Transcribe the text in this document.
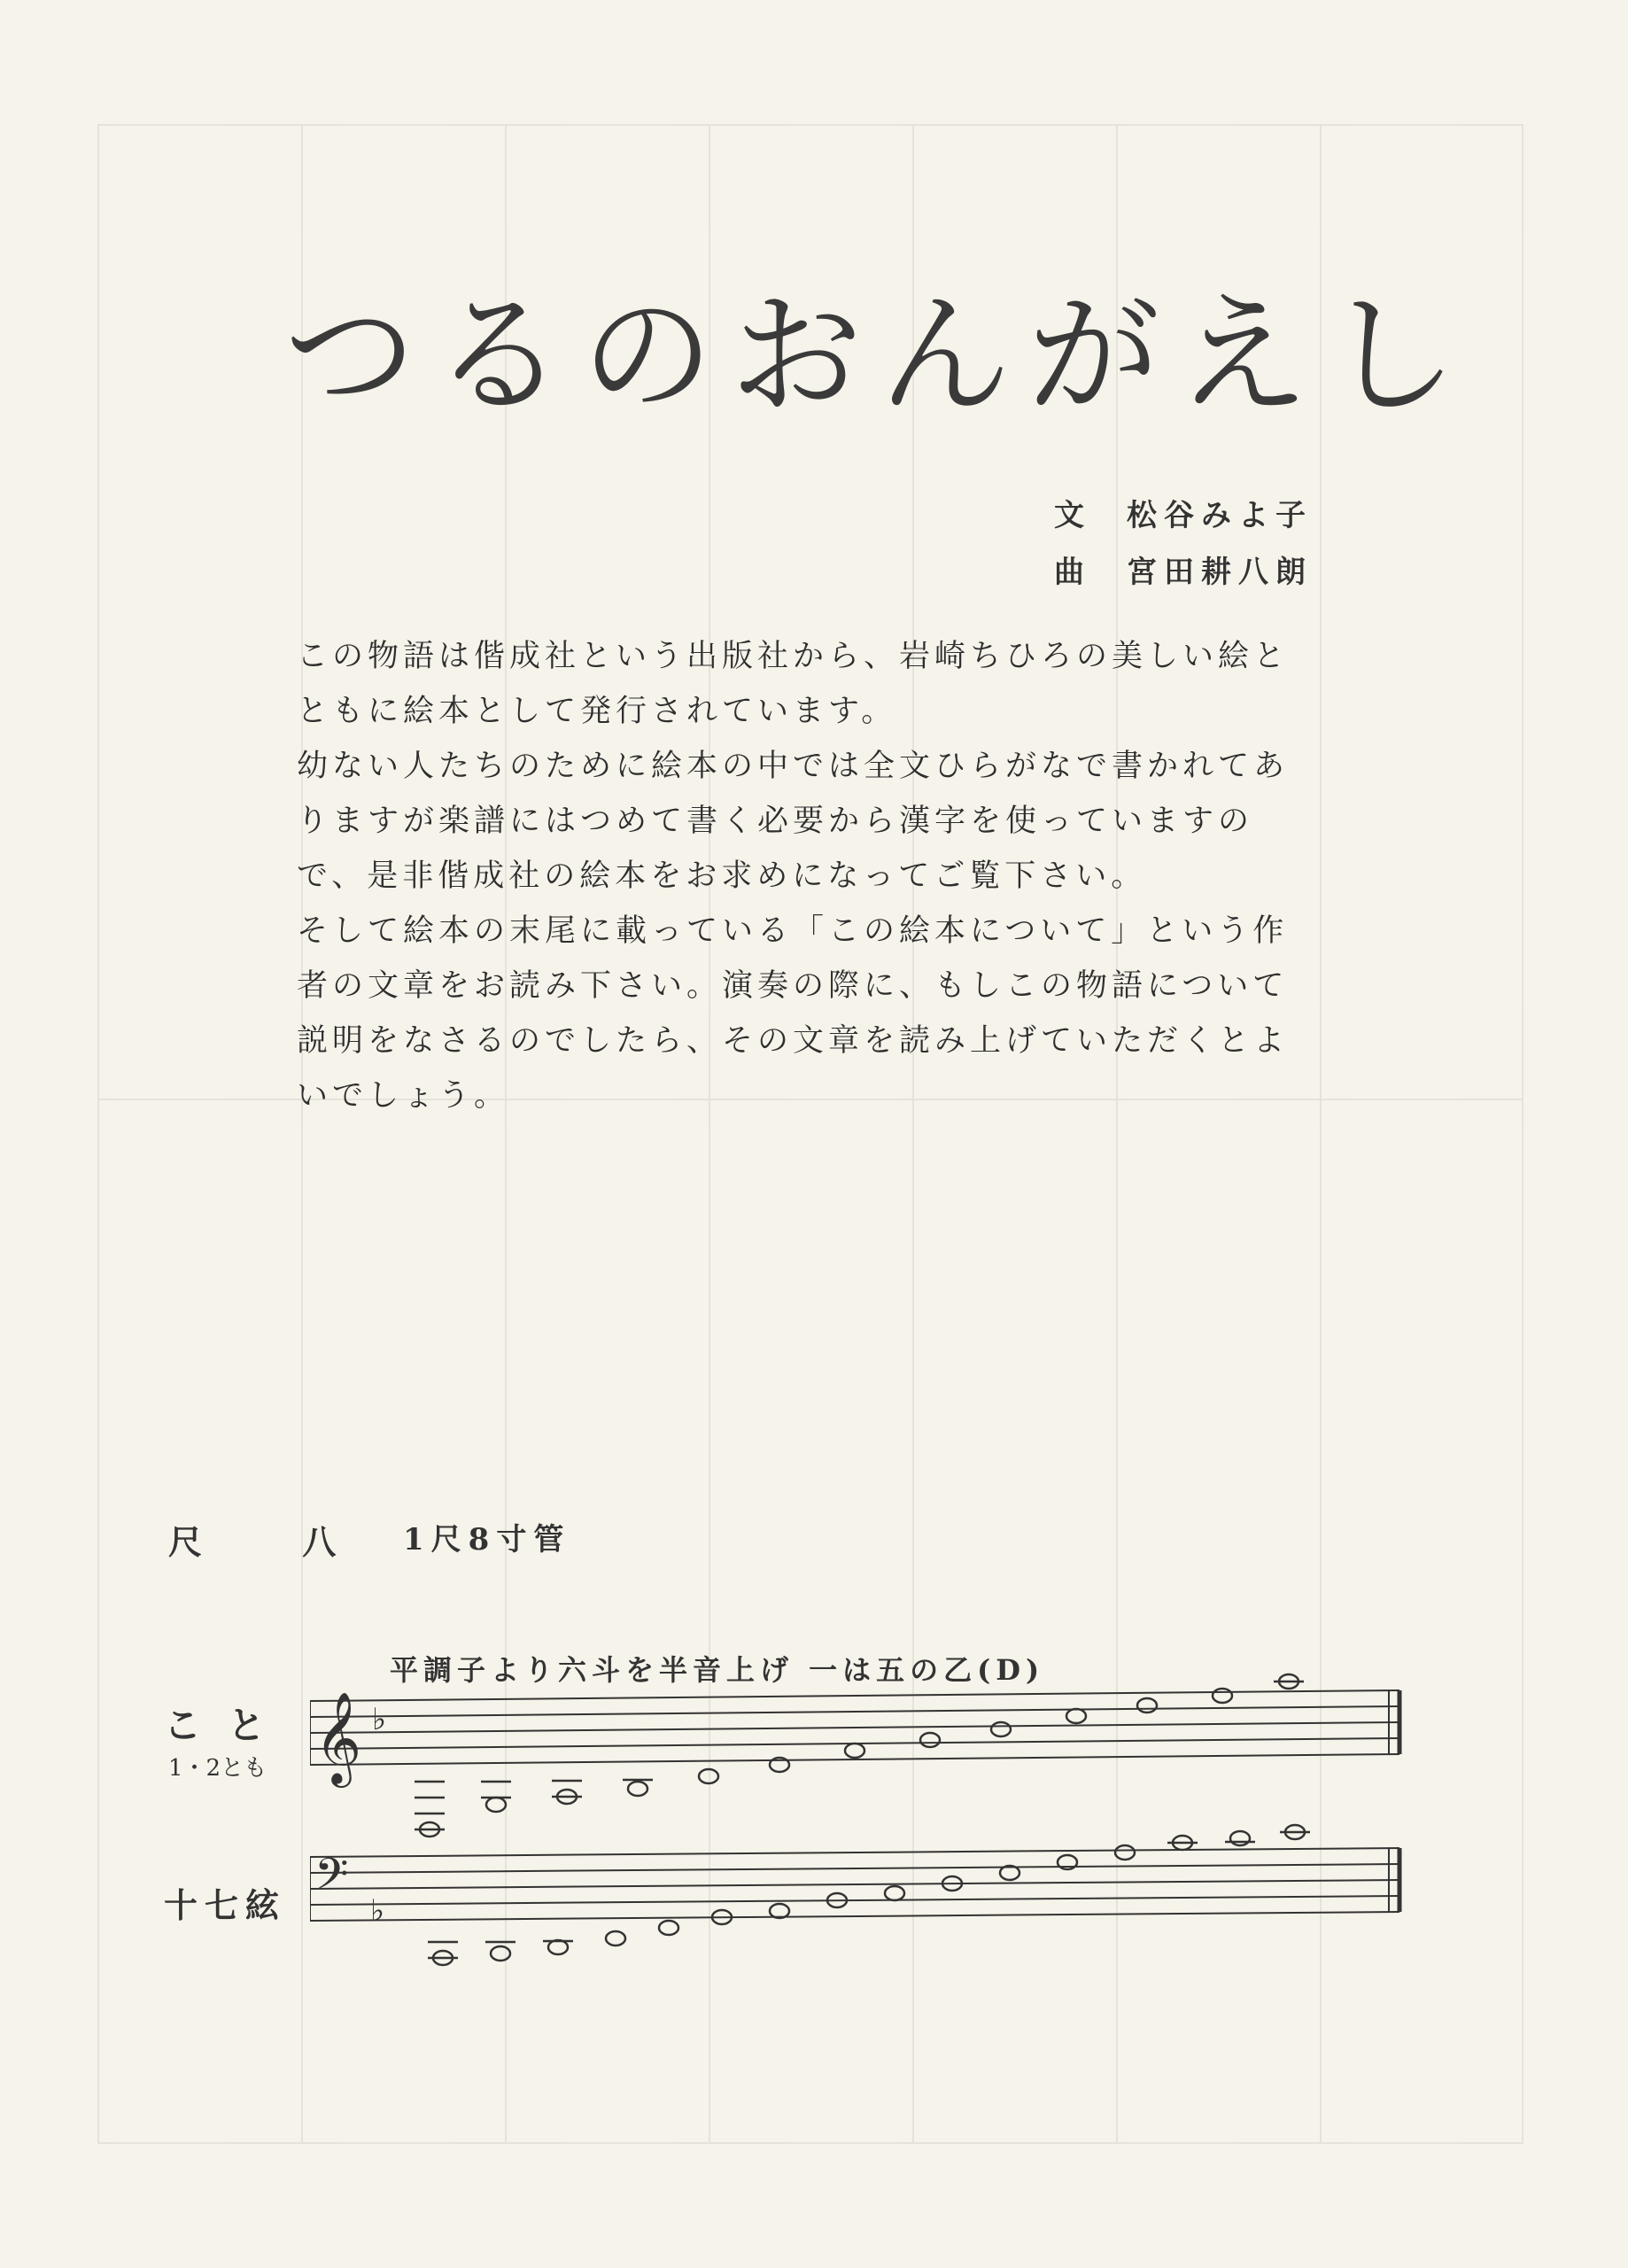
つるのおんがえし
文 松谷みよ子
曲 宮田耕八朗

この物語は偕成社という出版社から、岩崎ちひろの美しい絵とともに絵本として発行されています。

幼ない人たちのために絵本の中では全文ひらがなで書かれてありますが楽譜にはつめて書く必要から漢字を使っていますので、是非偕成社の絵本をお求めになってご覧下さい。

そして絵本の末尾に載っている「この絵本について」という作者の文章をお読み下さい。演奏の際に、もしこの物語について説明をなさるのでしたら、その文章を読み上げていただくとよいでしょう。

尺 八 1尺8寸管
平調子より六斗を半音上げ 一は五の乙(D)
こと
1・2とも
十七絃
𝄞 ♭
𝄢 ♭
